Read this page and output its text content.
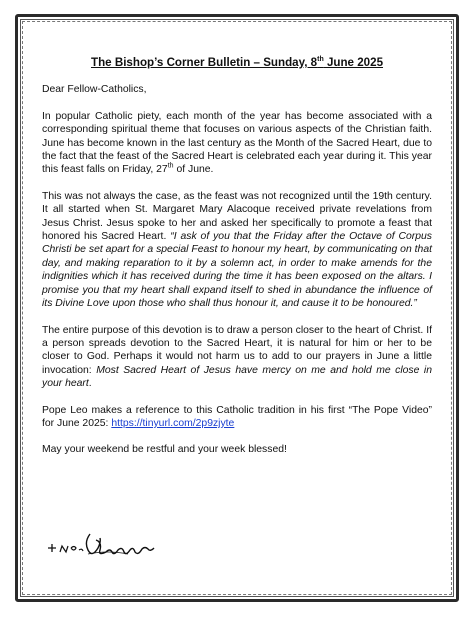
The Bishop’s Corner Bulletin – Sunday, 8th June 2025

Dear Fellow-Catholics,

In popular Catholic piety, each month of the year has become associated with a corresponding spiritual theme that focuses on various aspects of the Christian faith. June has become known in the last century as the Month of the Sacred Heart, due to the fact that the feast of the Sacred Heart is celebrated each year during it. This year this feast falls on Friday, 27th of June.

This was not always the case, as the feast was not recognized until the 19th century. It all started when St. Margaret Mary Alacoque received private revelations from Jesus Christ. Jesus spoke to her and asked her specifically to promote a feast that honored his Sacred Heart. “I ask of you that the Friday after the Octave of Corpus Christi be set apart for a special Feast to honour my heart, by communicating on that day, and making reparation to it by a solemn act, in order to make amends for the indignities which it has received during the time it has been exposed on the altars. I promise you that my heart shall expand itself to shed in abundance the influence of its Divine Love upon those who shall thus honour it, and cause it to be honoured.”

The entire purpose of this devotion is to draw a person closer to the heart of Christ. If a person spreads devotion to the Sacred Heart, it is natural for him or her to be closer to God. Perhaps it would not harm us to add to our prayers in June a little invocation: Most Sacred Heart of Jesus have mercy on me and hold me close in your heart.

Pope Leo makes a reference to this Catholic tradition in his first “The Pope Video” for June 2025: https://tinyurl.com/2p9zjyte

May your weekend be restful and your week blessed!
